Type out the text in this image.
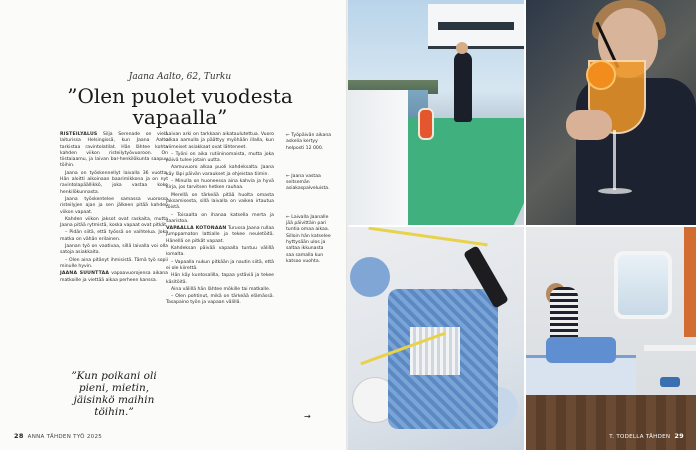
Jaana Aalto, 62, Turku
”Olen puolet vuodesta vapaalla”

RISTEILYALUS Silja Serenade on vielä laiturissa Helsingissä, kun Jaana Aalto tarkistaa ravintolatilat. Hän lähtee kohta kahden viikon risteilytyövuoroon. On tiistaiaamu, ja laivan bar-henkilökunta saapuu töihin.

Jaana on työskennellyt laivalla 36 vuotta. Hän aloitti aikoinaan baarimikkona ja on nyt ravintolapäällikkö, joka vastaa koko henkilökunnasta.

Jaana työskentelee samassa vuorossa risteilyjen ajan ja sen jälkeen pitää kahden viikon vapaat.

Kahden viikon jaksot ovat raskaita, mutta Jaana pitää rytmistä, koska vapaat ovat pitkät.

– Pidän siitä, että työssä on vaihtelua. Joka matka on vähän erilainen.

Jaanan työ on vaativaa, sillä laivalla voi olla satoja asiakkaita.

– Olen aina pitänyt ihmisistä. Tämä työ sopii minulle hyvin.

JAANA SUUNTTAA vapaavuorojensa aikana matkoille ja viettää aikaa perheen kanssa.

Laivan arki on tarkkaan aikataulutettua. Vuoro alkaa aamulla ja päättyy myöhään illalla, kun viimeiset asiakkaat ovat lähteneet.

– Työni on aika rutiininomaista, mutta joka päivä tulee jotain uutta.

Aamuvuoro alkaa puoli kahdeksalta. Jaana käy läpi päivän varaukset ja ohjeistaa tiimin.

– Minulla on huoneessa aina kahvia ja hyvä kirja, jos tarvitsen hetken rauhaa.

Merellä on tärkeää pitää huolta omasta jaksamisesta, sillä laivalla on vaikea irtautua töistä.

– Toisaalta on ihanaa katsella merta ja saaristoa.

VAPAALLA KOTONAAN Turussa Jaana rullaa jumppamaton lattialle ja tekee neuletöitä. Hänellä on pitkät vapaat.

Kahdeksan päivää vapaalla tuntuu välillä lomalta.

– Vapaalla nukun pitkään ja nautin siitä, että ei ole kiirettä.

Hän käy kuntosalilla, tapaa ystäviä ja tekee käsitöitä.

Aina välillä hän lähtee mökille tai matkalle.

– Olen pohtinut, mikä on tärkeää elämässä. Tasapaino työn ja vapaan välillä.

”Kun poikani oli pieni, mietin, jäisinkö maihin töihin.”
← Työpäivän aikana askelia kertyy helposti 12 000.
← Jaana vastaa seitsemän asiakaspalveluista.
← Laivalla Jaanalle jää päivittäin pari tuntia omaa aikaa. Silloin hän katselee hyttysään ulos ja saltaa ikkunasta saa samalla kun katsoo vuohta.
→
28 ANNA TÄHDEN TYÖ 2025	T. TODELLA TÄHDEN 29
